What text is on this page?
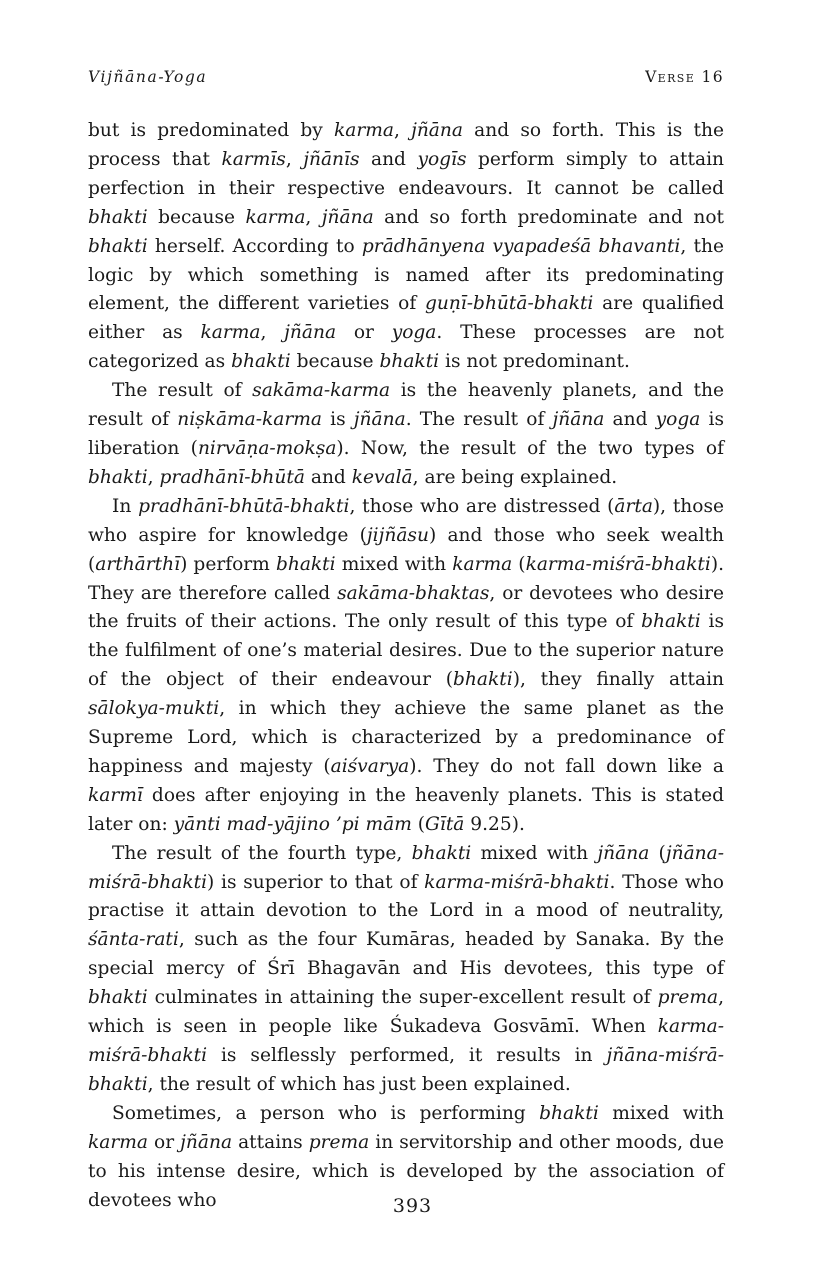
Vijñāna-Yoga	Verse 16

but is predominated by karma, jñāna and so forth. This is the process that karmīs, jñānīs and yogīs perform simply to attain perfection in their respective endeavours. It cannot be called bhakti because karma, jñāna and so forth predominate and not bhakti herself. According to prādhānyena vyapadeśā bhavanti, the logic by which something is named after its predominating element, the different varieties of guṇī-bhūtā-bhakti are qualified either as karma, jñāna or yoga. These processes are not categorized as bhakti because bhakti is not predominant.

The result of sakāma-karma is the heavenly planets, and the result of niṣkāma-karma is jñāna. The result of jñāna and yoga is liberation (nirvāṇa-mokṣa). Now, the result of the two types of bhakti, pradhānī-bhūtā and kevalā, are being explained.

In pradhānī-bhūtā-bhakti, those who are distressed (ārta), those who aspire for knowledge (jijñāsu) and those who seek wealth (arthārthī) perform bhakti mixed with karma (karma-miśrā-bhakti). They are therefore called sakāma-bhaktas, or devotees who desire the fruits of their actions. The only result of this type of bhakti is the fulfilment of one’s material desires. Due to the superior nature of the object of their endeavour (bhakti), they finally attain sālokya-mukti, in which they achieve the same planet as the Supreme Lord, which is characterized by a predominance of happiness and majesty (aiśvarya). They do not fall down like a karmī does after enjoying in the heavenly planets. This is stated later on: yānti mad-yājino ’pi mām (Gītā 9.25).

The result of the fourth type, bhakti mixed with jñāna (jñāna-miśrā-bhakti) is superior to that of karma-miśrā-bhakti. Those who practise it attain devotion to the Lord in a mood of neutrality, śānta-rati, such as the four Kumāras, headed by Sanaka. By the special mercy of Śrī Bhagavān and His devotees, this type of bhakti culminates in attaining the super-excellent result of prema, which is seen in people like Śukadeva Gosvāmī. When karma-miśrā-bhakti is selflessly performed, it results in jñāna-miśrā-bhakti, the result of which has just been explained.

Sometimes, a person who is performing bhakti mixed with karma or jñāna attains prema in servitorship and other moods, due to his intense desire, which is developed by the association of devotees who	393
